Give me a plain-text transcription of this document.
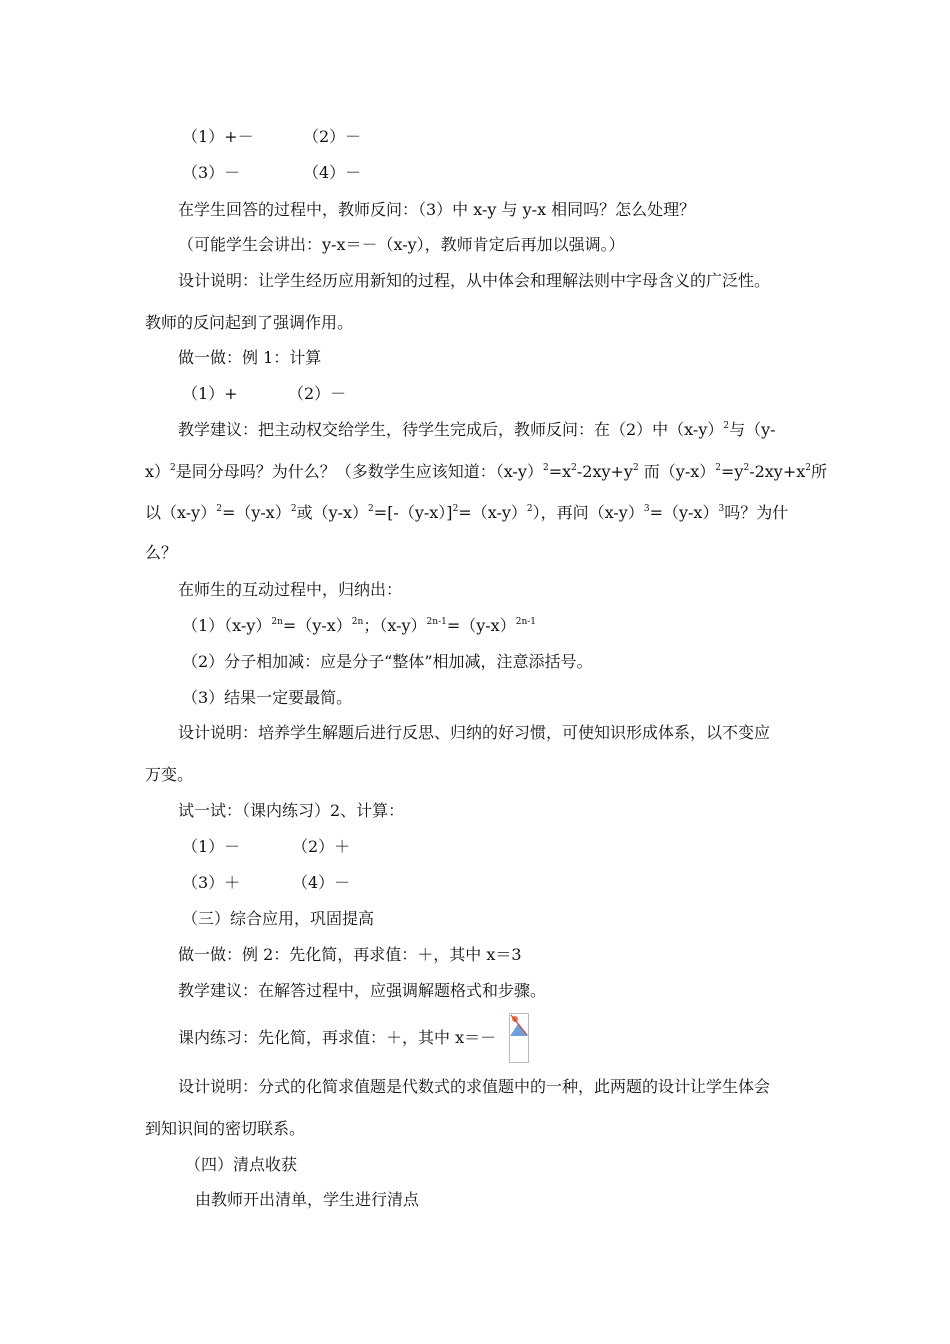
（1）+－	（2）－
（3）－	（4）－
在学生回答的过程中，教师反问：（3）中 x-y 与 y-x 相同吗？怎么处理？
（可能学生会讲出：y-x＝－（x-y），教师肯定后再加以强调。）
设计说明：让学生经历应用新知的过程，从中体会和理解法则中字母含义的广泛性。
教师的反问起到了强调作用。
做一做：例 1：计算
（1）+	（2）－
教学建议：把主动权交给学生，待学生完成后，教师反问：在（2）中$(x-y)^2$与（y-
x）$^2$是同分母吗？为什么？（多数学生应该知道：$(x-y)^2=x^2-2xy+y^2$ 而$(y-x)^2=y^2-2xy+x^2$所
以$(x-y)^2=(y-x)^2$或$(y-x)^2=[-(y-x)]^2=(x-y)^2$），再问$(x-y)^3=(y-x)^3$吗？为什
么？
在师生的互动过程中，归纳出：
$(1)(x-y)^{2n}=(y-x)^{2n}$；$(x-y)^{2n-1}=(y-x)^{2n-1}$
（2）分子相加减：应是分子“整体”相加减，注意添括号。
（3）结果一定要最简。
设计说明：培养学生解题后进行反思、归纳的好习惯，可使知识形成体系，以不变应
万变。
试一试：（课内练习）2、计算：
（1）－	（2）＋
（3）＋	（4）－
（三）综合应用，巩固提高
做一做：例 2：先化简，再求值：＋，其中 x＝3
教学建议：在解答过程中，应强调解题格式和步骤。
课内练习：先化简，再求值：＋，其中 x＝－
设计说明：分式的化简求值题是代数式的求值题中的一种，此两题的设计让学生体会
到知识间的密切联系。
（四）清点收获
由教师开出清单，学生进行清点
